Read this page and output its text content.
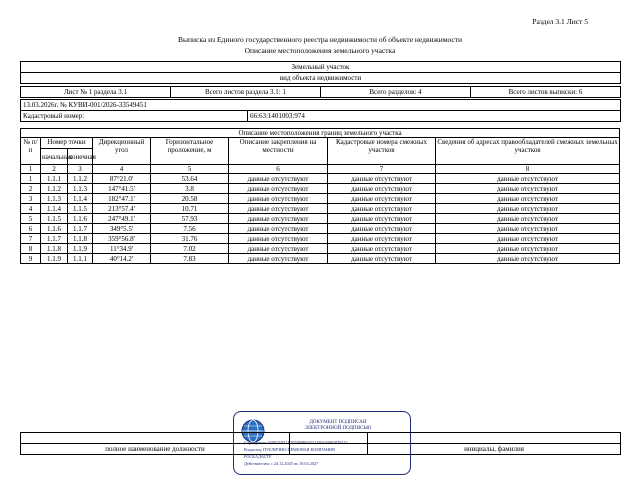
Раздел 3.1 Лист 5
Выписка из Единого государственного реестра недвижимости об объекте недвижимости
Описание местоположения земельного участка
Земельный участок
вид объекта недвижимости
Лист № 1 раздела 3.1	Всего листов раздела 3.1: 1	Всего разделов: 4	Всего листов выписки: 6
13.03.2026г. № КУВИ-001/2026-33549451
Кадастровый номер:	66:63:1401003:974
Описание местоположения границ земельного участка							
№ п/п	Номер точки		Дирекционный угол	Горизонтальное проложение, м	Описание закрепления на местности	Кадастровые номера смежных участков	Сведения об адресах правообладателей смежных земельных участков
	начальная	конечная					
1	2	3	4	5	6	7	8
1	1.1.1	1.1.2	87°21.0'	53.64	данные отсутствуют	данные отсутствуют	данные отсутствуют
2	1.1.2	1.1.3	147°41.5'	3.8	данные отсутствуют	данные отсутствуют	данные отсутствуют
3	1.1.3	1.1.4	182°47.1'	20.58	данные отсутствуют	данные отсутствуют	данные отсутствуют
4	1.1.4	1.1.5	213°57.4'	10.71	данные отсутствуют	данные отсутствуют	данные отсутствуют
5	1.1.5	1.1.6	247°49.1'	57.93	данные отсутствуют	данные отсутствуют	данные отсутствуют
6	1.1.6	1.1.7	349°5.5'	7.56	данные отсутствуют	данные отсутствуют	данные отсутствуют
7	1.1.7	1.1.8	359°56.8'	31.76	данные отсутствуют	данные отсутствуют	данные отсутствуют
8	1.1.8	1.1.9	11°34.9'	7.02	данные отсутствуют	данные отсутствуют	данные отсутствуют
9	1.1.9	1.1.1	40°14.2'	7.83	данные отсутствуют	данные отсутствуют	данные отсутствуют
ДОКУМЕНТ ПОДПИСАН
ЭЛЕКТРОННОЙ ПОДПИСЬЮ
Сертификат: 0399744D2A797090B03532190340092978443
Владелец: ПУБЛИЧНО-ПРАВОВАЯ КОМПАНИЯ
РОСКАДАСТР
Действителен: с 24.12.2025 по 19.03.2027
полное наименование должности	инициалы, фамилия
